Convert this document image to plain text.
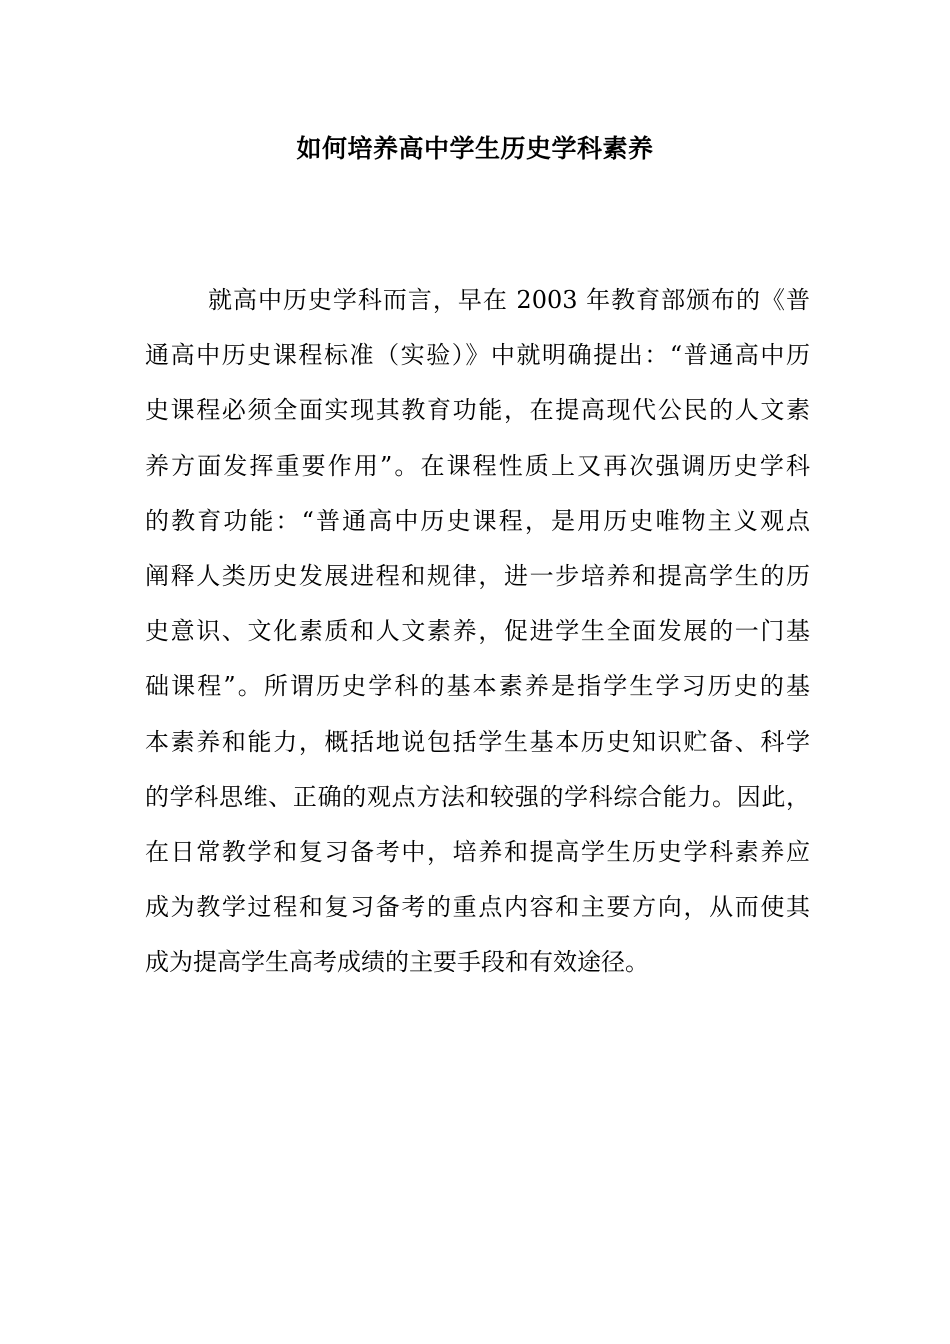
如何培养高中学生历史学科素养
就高中历史学科而言，早在 2003 年教育部颁布的《普
通高中历史课程标准（实验）》中就明确提出：“普通高中历
史课程必须全面实现其教育功能，在提高现代公民的人文素
养方面发挥重要作用”。在课程性质上又再次强调历史学科
的教育功能：“普通高中历史课程，是用历史唯物主义观点
阐释人类历史发展进程和规律，进一步培养和提高学生的历
史意识、文化素质和人文素养，促进学生全面发展的一门基
础课程”。所谓历史学科的基本素养是指学生学习历史的基
本素养和能力，概括地说包括学生基本历史知识贮备、科学
的学科思维、正确的观点方法和较强的学科综合能力。因此，
在日常教学和复习备考中，培养和提高学生历史学科素养应
成为教学过程和复习备考的重点内容和主要方向，从而使其
成为提高学生高考成绩的主要手段和有效途径。
